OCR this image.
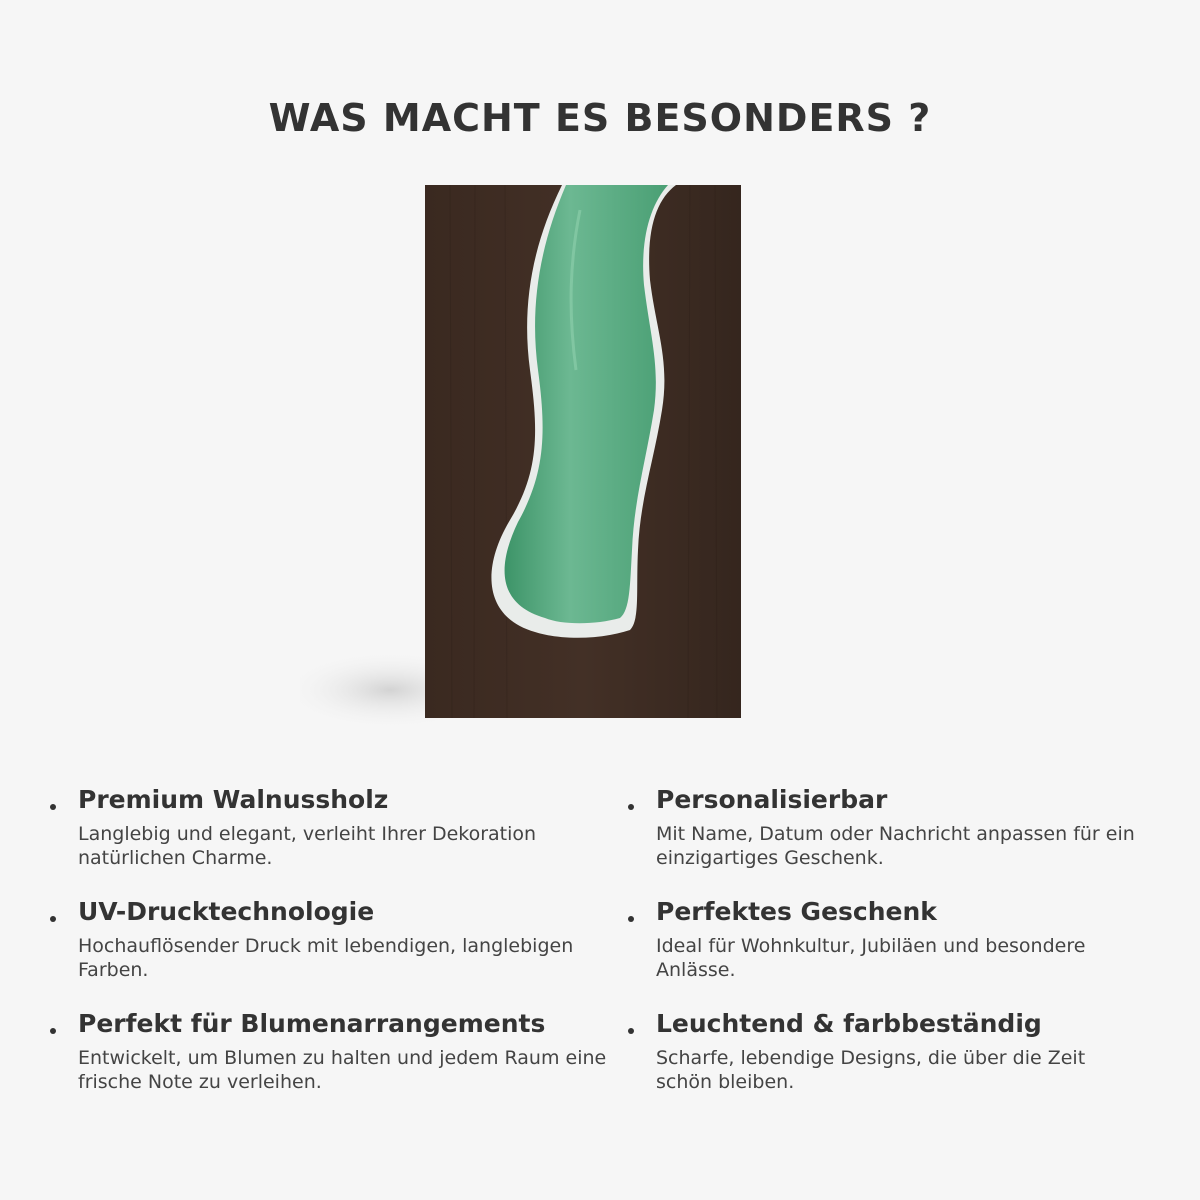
WAS MACHT ES BESONDERS ?
Premium Walnussholz
Langlebig und elegant, verleiht Ihrer Dekoration natürlichen Charme.
Personalisierbar
Mit Name, Datum oder Nachricht anpassen für ein einzigartiges Geschenk.
UV-Drucktechnologie
Hochauflösender Druck mit lebendigen, langlebigen Farben.
Perfektes Geschenk
Ideal für Wohnkultur, Jubiläen und besondere Anlässe.
Perfekt für Blumenarrangements
Entwickelt, um Blumen zu halten und jedem Raum eine frische Note zu verleihen.
Leuchtend & farbbeständig
Scharfe, lebendige Designs, die über die Zeit schön bleiben.
